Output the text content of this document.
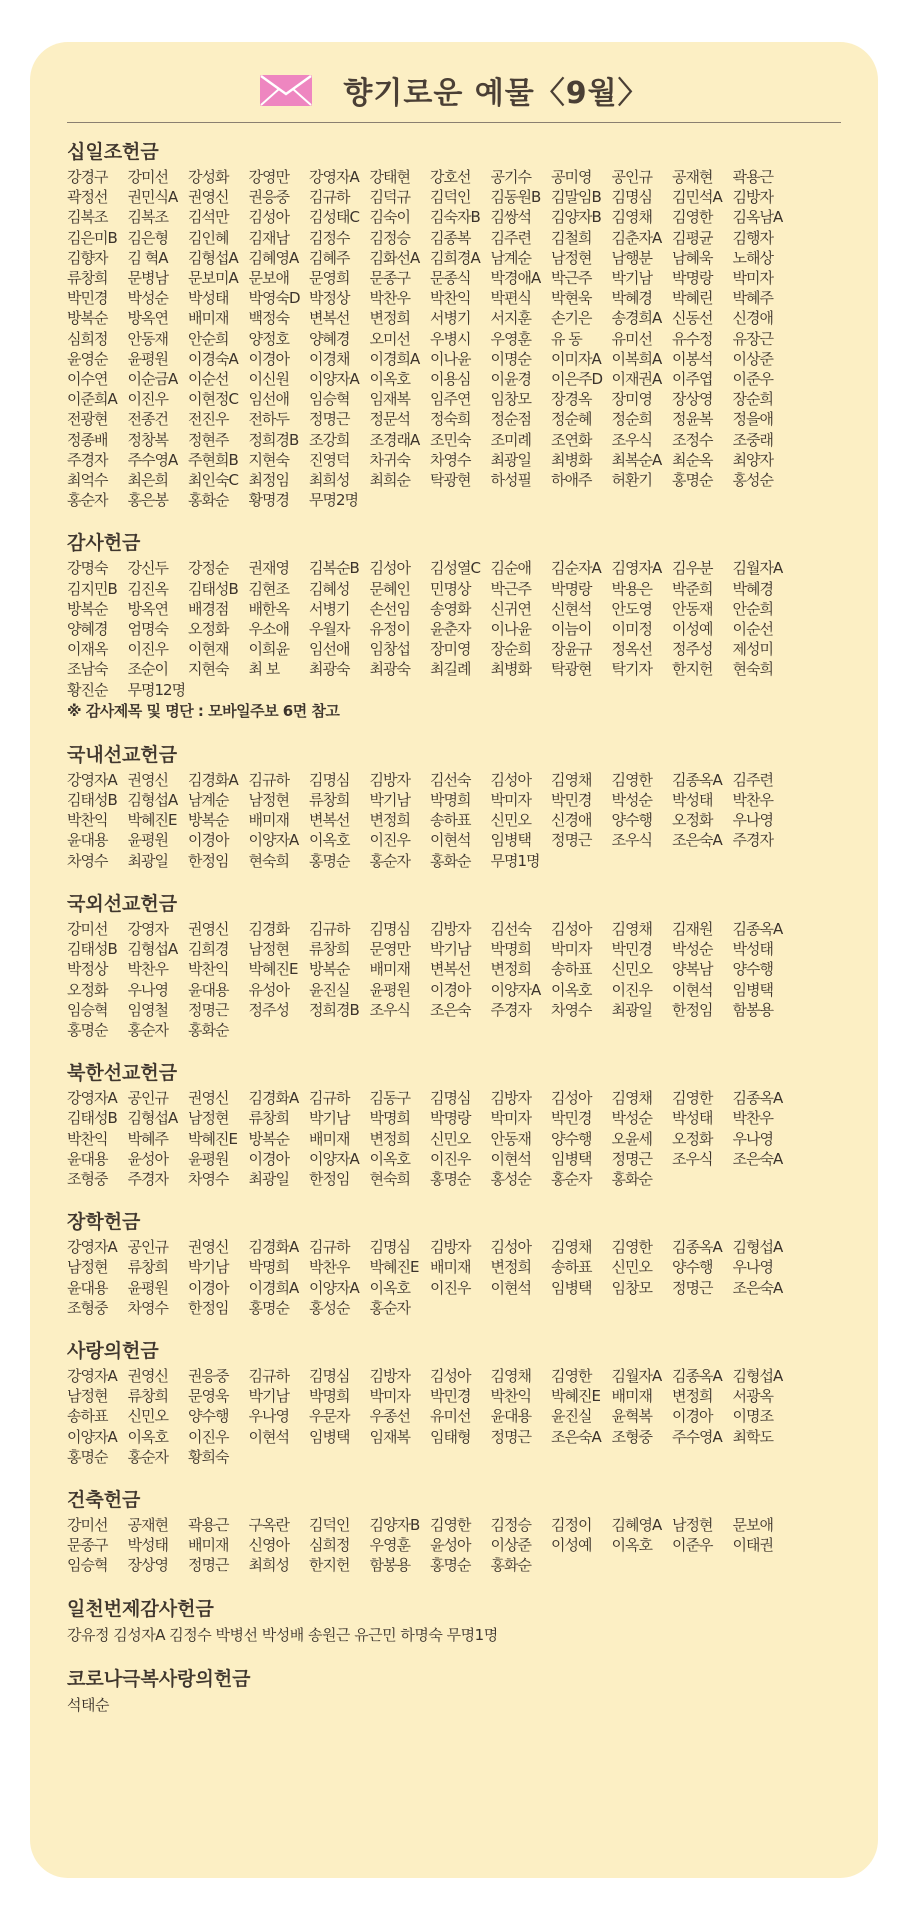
향기로운 예물〈9월〉
십일조헌금
강경구	강미선	강성화	강영만	강영자A 강태현	강호선	공기수	공미영	공인규	공재현	곽용근
곽정선	권민식A 권영신	권응중	김규하	김덕규	김덕인	김동원B 김말임B 김명심	김민석A 김방자
김복조	김복조	김석만	김성아	김성태C 김숙이	김숙자B 김쌍석	김양자B 김영채	김영한	김옥남A
김은미B 김은형	김인혜	김재남	김정수	김정승	김종복	김주련	김철희	김춘자A 김평균	김행자
김향자	김 혁A	김형섭A 김혜영A 김혜주	김화선A 김희경A 남계순	남정현	남행분	남혜욱	노해상
류창희	문병남	문보미A 문보애	문영희	문종구	문종식	박경애A 박근주	박기남	박명랑	박미자
박민경	박성순	박성태	박영숙D 박정상	박찬우	박찬익	박편식	박현욱	박혜경	박혜린	박혜주
방복순	방옥연	배미재	백정숙	변복선	변정희	서병기	서지훈	손기은	송경희A 신동선	신경애
심희정	안동재	안순희	양정호	양혜경	오미선	우병시	우영훈	유 동	유미선	유수정	유장근
윤영순	윤평원	이경숙A 이경아	이경채	이경희A 이나윤	이명순	이미자A 이복희A 이봉석	이상준
이수연	이순금A 이순선	이신원	이양자A 이옥호	이용심	이윤경	이은주D 이재권A 이주엽	이준우
이준희A 이진우	이현정C 임선애	임승혁	임재복	임주연	임창모	장경옥	장미영	장상영	장순희
전광현	전종건	전진우	전하두	정명근	정문석	정숙희	정순점	정순혜	정순희	정윤복	정을애
정종배	정창복	정현주	정희경B 조강희	조경래A 조민숙	조미례	조연화	조우식	조정수	조중래
주경자	주수영A 주현희B 지현숙	진영덕	차귀숙	차영수	최광일	최병화	최복순A 최순옥	최양자
최억수	최은희	최인숙C 최정임	최희성	최희순	탁광현	하성필	하애주	허환기	홍명순	홍성순
홍순자	홍은봉	홍화순	황명경	무명2명
감사헌금
강명숙	강신두	강정순	권재영	김복순B 김성아	김성열C 김순애	김순자A 김영자A 김우분	김월자A
김지민B 김진옥	김태성B 김현조	김혜성	문혜인	민명상	박근주	박명랑	박용은	박준희	박혜경
방복순	방옥연	배경점	배한옥	서병기	손선임	송영화	신귀연	신현석	안도영	안동재	안순희
양혜경	엄명숙	오정화	우소애	우월자	유정이	윤춘자	이나윤	이늠이	이미정	이성예	이순선
이재옥	이진우	이현재	이희윤	임선애	임창섭	장미영	장순희	장윤규	정옥선	정주성	제성미
조남숙	조순이	지현숙	최 보	최광숙	최광숙	최길례	최병화	탁광현	탁기자	한지헌	현숙희
황진순	무명12명
※ 감사제목 및 명단 : 모바일주보 6면 참고
국내선교헌금
강영자A 권영신	김경화A 김규하	김명심	김방자	김선숙	김성아	김영채	김영한	김종옥A 김주련
김태성B 김형섭A 남계순	남정현	류창희	박기남	박명희	박미자	박민경	박성순	박성태	박찬우
박찬익	박혜진E 방복순	배미재	변복선	변정희	송하표	신민오	신경애	양수행	오정화	우나영
윤대용	윤평원	이경아	이양자A 이옥호	이진우	이현석	임병택	정명근	조우식	조은숙A 주경자
차영수	최광일	한정임	현숙희	홍명순	홍순자	홍화순	무명1명
국외선교헌금
강미선	강영자	권영신	김경화	김규하	김명심	김방자	김선숙	김성아	김영채	김재원	김종옥A
김태성B 김형섭A 김희경	남정현	류창희	문영만	박기남	박명희	박미자	박민경	박성순	박성태
박정상	박찬우	박찬익	박혜진E 방복순	배미재	변복선	변정희	송하표	신민오	양복남	양수행
오정화	우나영	윤대용	유성아	윤진실	윤평원	이경아	이양자A 이옥호	이진우	이현석	임병택
임승혁	임영철	정명근	정주성	정희경B 조우식	조은숙	주경자	차영수	최광일	한정임	함봉용
홍명순	홍순자	홍화순
북한선교헌금
강영자A 공인규	권영신	김경화A 김규하	김동구	김명심	김방자	김성아	김영채	김영한	김종옥A
김태성B 김형섭A 남정현	류창희	박기남	박명희	박명랑	박미자	박민경	박성순	박성태	박찬우
박찬익	박혜주	박혜진E 방복순	배미재	변정희	신민오	안동재	양수행	오윤세	오정화	우나영
윤대용	윤성아	윤평원	이경아	이양자A 이옥호	이진우	이현석	임병택	정명근	조우식	조은숙A
조형중	주경자	차영수	최광일	한정임	현숙희	홍명순	홍성순	홍순자	홍화순
장학헌금
강영자A 공인규	권영신	김경화A 김규하	김명심	김방자	김성아	김영채	김영한	김종옥A 김형섭A
남정현	류창희	박기남	박명희	박찬우	박혜진E 배미재	변정희	송하표	신민오	양수행	우나영
윤대용	윤평원	이경아	이경희A 이양자A 이옥호	이진우	이현석	임병택	임창모	정명근	조은숙A
조형중	차영수	한정임	홍명순	홍성순	홍순자
사랑의헌금
강영자A 권영신	권응중	김규하	김명심	김방자	김성아	김영채	김영한	김월자A 김종옥A 김형섭A
남정현	류창희	문영욱	박기남	박명희	박미자	박민경	박찬익	박혜진E 배미재	변정희	서광옥
송하표	신민오	양수행	우나영	우문자	우종선	유미선	윤대용	윤진실	윤혁복	이경아	이명조
이양자A 이옥호	이진우	이현석	임병택	임재복	임태형	정명근	조은숙A 조형중	주수영A 최학도
홍명순	홍순자	황희숙
건축헌금
강미선	공재현	곽용근	구옥란	김덕인	김양자B 김영한	김정승	김정이	김혜영A 남정현	문보애
문종구	박성태	배미재	신영아	심희정	우영훈	윤성아	이상준	이성예	이옥호	이준우	이태권
임승혁	장상영	정명근	최희성	한지헌	함봉용	홍명순	홍화순
일천번제감사헌금
강유정 김성자A 김정수 박병선 박성배 송원근 유근민 하명숙 무명1명
코로나극복사랑의헌금
석태순
